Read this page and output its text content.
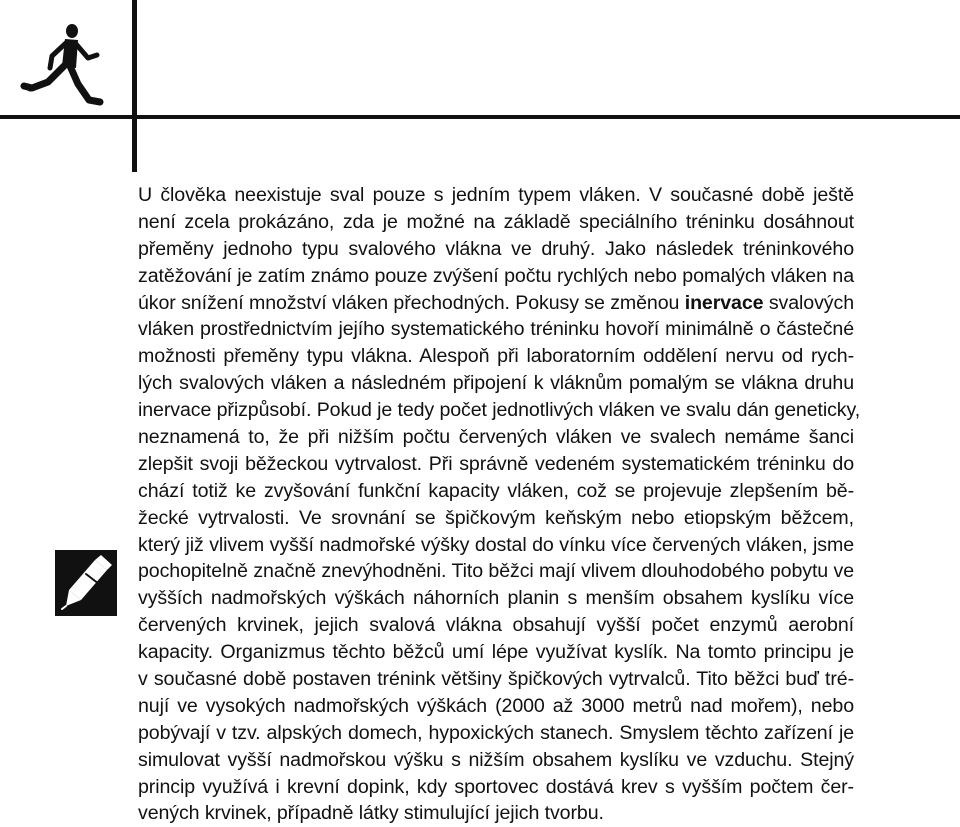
U člověka neexistuje sval pouze s jedním typem vláken. V současné době ještě
není zcela prokázáno, zda je možné na základě speciálního tréninku dosáhnout
přeměny jednoho typu svalového vlákna ve druhý. Jako následek tréninkového
zatěžování je zatím známo pouze zvýšení počtu rychlých nebo pomalých vláken na
úkor snížení množství vláken přechodných. Pokusy se změnou inervace svalových
vláken prostřednictvím jejího systematického tréninku hovoří minimálně o částečné
možnosti přeměny typu vlákna. Alespoň při laboratorním oddělení nervu od rych-
lých svalových vláken a následném připojení k vláknům pomalým se vlákna druhu
inervace přizpůsobí. Pokud je tedy počet jednotlivých vláken ve svalu dán geneticky,
neznamená to, že při nižším počtu červených vláken ve svalech nemáme šanci
zlepšit svoji běžeckou vytrvalost. Při správně vedeném systematickém tréninku do
chází totiž ke zvyšování funkční kapacity vláken, což se projevuje zlepšením bě-
žecké vytrvalosti. Ve srovnání se špičkovým keňským nebo etiopským běžcem,
který již vlivem vyšší nadmořské výšky dostal do vínku více červených vláken, jsme
pochopitelně značně znevýhodněni. Tito běžci mají vlivem dlouhodobého pobytu ve
vyšších nadmořských výškách náhorních planin s menším obsahem kyslíku více
červených krvinek, jejich svalová vlákna obsahují vyšší počet enzymů aerobní
kapacity. Organizmus těchto běžců umí lépe využívat kyslík. Na tomto principu je
v současné době postaven trénink většiny špičkových vytrvalců. Tito běžci buď tré-
nují ve vysokých nadmořských výškách (2000 až 3000 metrů nad mořem), nebo
pobývají v tzv. alpských domech, hypoxických stanech. Smyslem těchto zařízení je
simulovat vyšší nadmořskou výšku s nižším obsahem kyslíku ve vzduchu. Stejný
princip využívá i krevní dopink, kdy sportovec dostává krev s vyšším počtem čer-
vených krvinek, případně látky stimulující jejich tvorbu.
